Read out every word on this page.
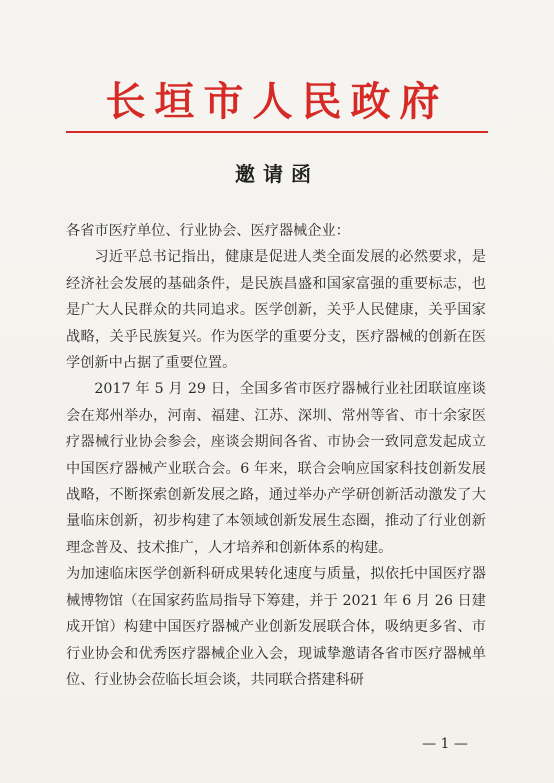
长垣市人民政府
邀请函

各省市医疗单位、行业协会、医疗器械企业：

习近平总书记指出，健康是促进人类全面发展的必然要求，是经济社会发展的基础条件，是民族昌盛和国家富强的重要标志，也是广大人民群众的共同追求。医学创新，关乎人民健康，关乎国家战略，关乎民族复兴。作为医学的重要分支，医疗器械的创新在医学创新中占据了重要位置。

2017 年 5 月 29 日，全国多省市医疗器械行业社团联谊座谈会在郑州举办，河南、福建、江苏、深圳、常州等省、市十余家医疗器械行业协会参会，座谈会期间各省、市协会一致同意发起成立中国医疗器械产业联合会。6 年来，联合会响应国家科技创新发展战略，不断探索创新发展之路，通过举办产学研创新活动激发了大量临床创新，初步构建了本领域创新发展生态圈，推动了行业创新理念普及、技术推广，人才培养和创新体系的构建。

为加速临床医学创新科研成果转化速度与质量，拟依托中国医疗器械博物馆（在国家药监局指导下筹建，并于 2021 年 6 月 26 日建成开馆）构建中国医疗器械产业创新发展联合体，吸纳更多省、市行业协会和优秀医疗器械企业入会，现诚挚邀请各省市医疗器械单位、行业协会莅临长垣会谈，共同联合搭建科研

— 1 —
